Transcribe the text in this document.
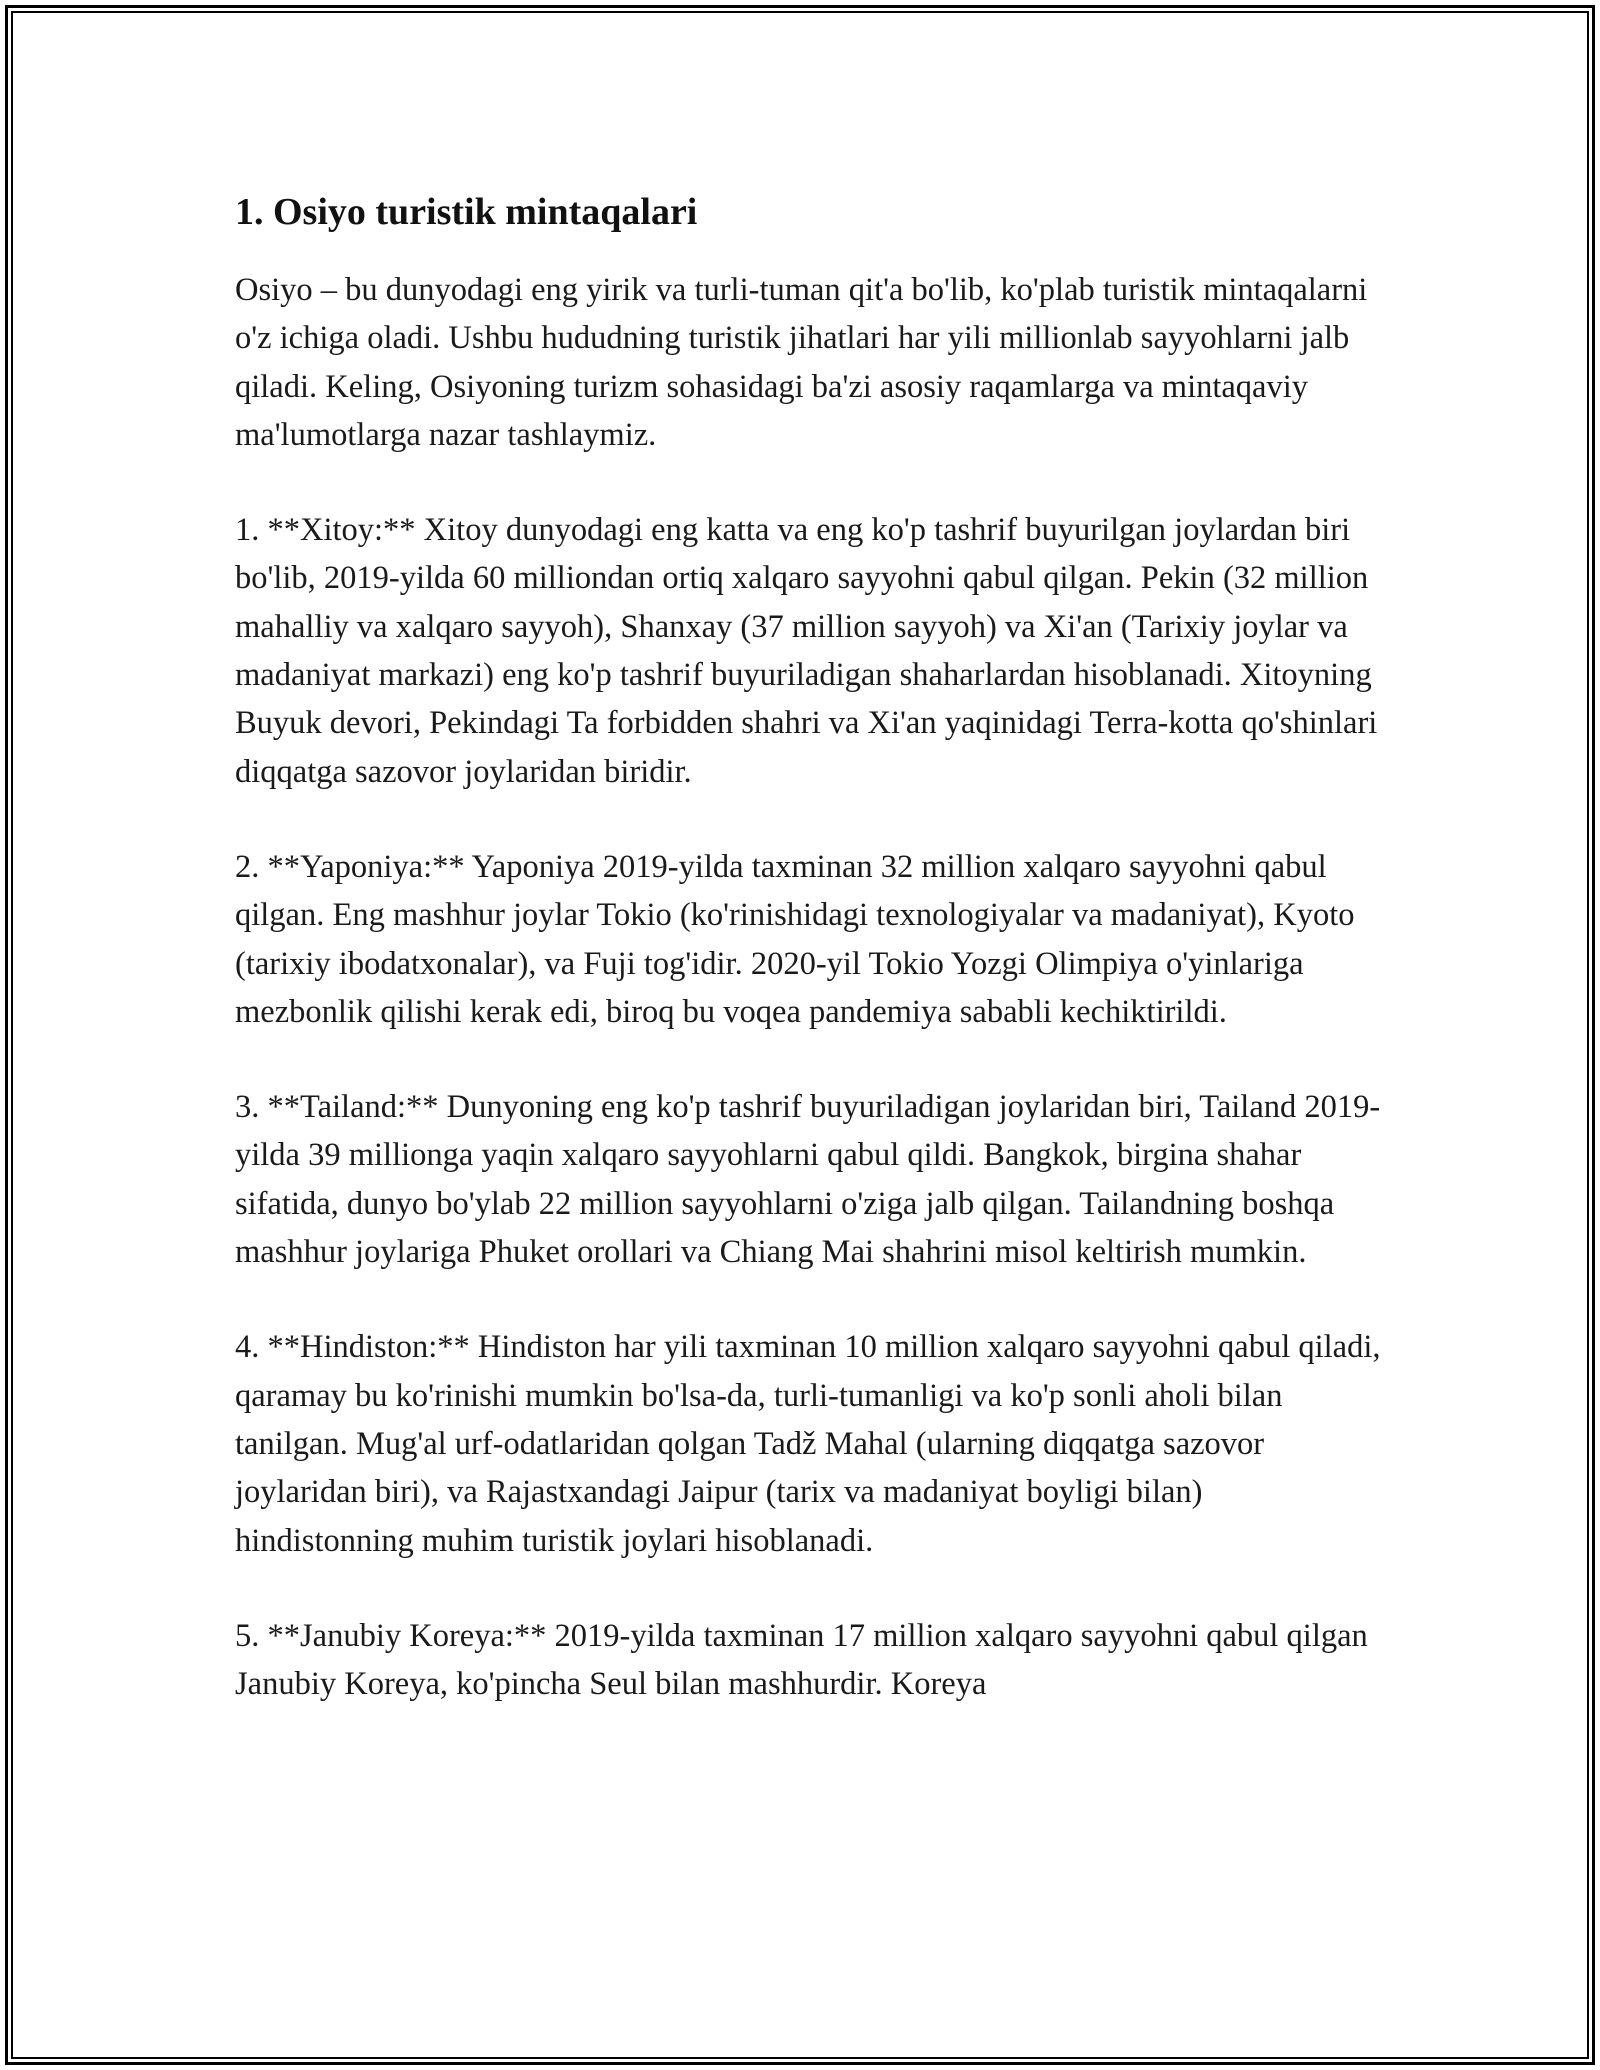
1. Osiyo turistik mintaqalari

Osiyo – bu dunyodagi eng yirik va turli-tuman qit'a bo'lib, ko'plab turistik mintaqalarni o'z ichiga oladi. Ushbu hududning turistik jihatlari har yili millionlab sayyohlarni jalb qiladi. Keling, Osiyoning turizm sohasidagi ba'zi asosiy raqamlarga va mintaqaviy ma'lumotlarga nazar tashlaymiz.

1. **Xitoy:** Xitoy dunyodagi eng katta va eng ko'p tashrif buyurilgan joylardan biri bo'lib, 2019-yilda 60 milliondan ortiq xalqaro sayyohni qabul qilgan. Pekin (32 million mahalliy va xalqaro sayyoh), Shanxay (37 million sayyoh) va Xi'an (Tarixiy joylar va madaniyat markazi) eng ko'p tashrif buyuriladigan shaharlardan hisoblanadi. Xitoyning Buyuk devori, Pekindagi Ta forbidden shahri va Xi'an yaqinidagi Terra-kotta qo'shinlari diqqatga sazovor joylaridan biridir.

2. **Yaponiya:** Yaponiya 2019-yilda taxminan 32 million xalqaro sayyohni qabul qilgan. Eng mashhur joylar Tokio (ko'rinishidagi texnologiyalar va madaniyat), Kyoto (tarixiy ibodatxonalar), va Fuji tog'idir. 2020-yil Tokio Yozgi Olimpiya o'yinlariga mezbonlik qilishi kerak edi, biroq bu voqea pandemiya sababli kechiktirildi.

3. **Tailand:** Dunyoning eng ko'p tashrif buyuriladigan joylaridan biri, Tailand 2019-yilda 39 millionga yaqin xalqaro sayyohlarni qabul qildi. Bangkok, birgina shahar sifatida, dunyo bo'ylab 22 million sayyohlarni o'ziga jalb qilgan. Tailandning boshqa mashhur joylariga Phuket orollari va Chiang Mai shahrini misol keltirish mumkin.

4. **Hindiston:** Hindiston har yili taxminan 10 million xalqaro sayyohni qabul qiladi, qaramay bu ko'rinishi mumkin bo'lsa-da, turli-tumanligi va ko'p sonli aholi bilan tanilgan. Mug'al urf-odatlaridan qolgan Tadž Mahal (ularning diqqatga sazovor joylaridan biri), va Rajastxandagi Jaipur (tarix va madaniyat boyligi bilan) hindistonning muhim turistik joylari hisoblanadi.

5. **Janubiy Koreya:** 2019-yilda taxminan 17 million xalqaro sayyohni qabul qilgan Janubiy Koreya, ko'pincha Seul bilan mashhurdir. Koreya
